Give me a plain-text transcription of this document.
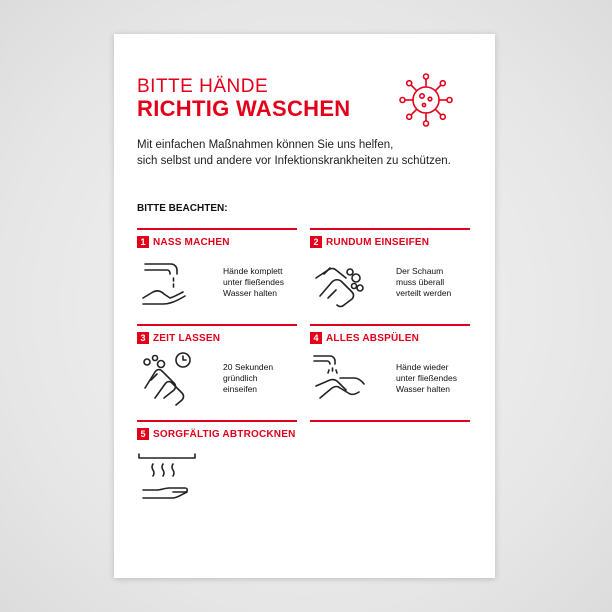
BITTE HÄNDE
RICHTIG WASCHEN
Mit einfachen Maßnahmen können Sie uns helfen,
sich selbst und andere vor Infektionskrankheiten zu schützen.
BITTE BEACHTEN:
1 NASS MACHEN
Hände komplett
unter fließendes
Wasser halten
2 RUNDUM EINSEIFEN
Der Schaum
muss überall
verteilt werden
3 ZEIT LASSEN
20 Sekunden
gründlich
einseifen
4 ALLES ABSPÜLEN
Hände wieder
unter fließendes
Wasser halten
5 SORGFÄLTIG ABTROCKNEN
